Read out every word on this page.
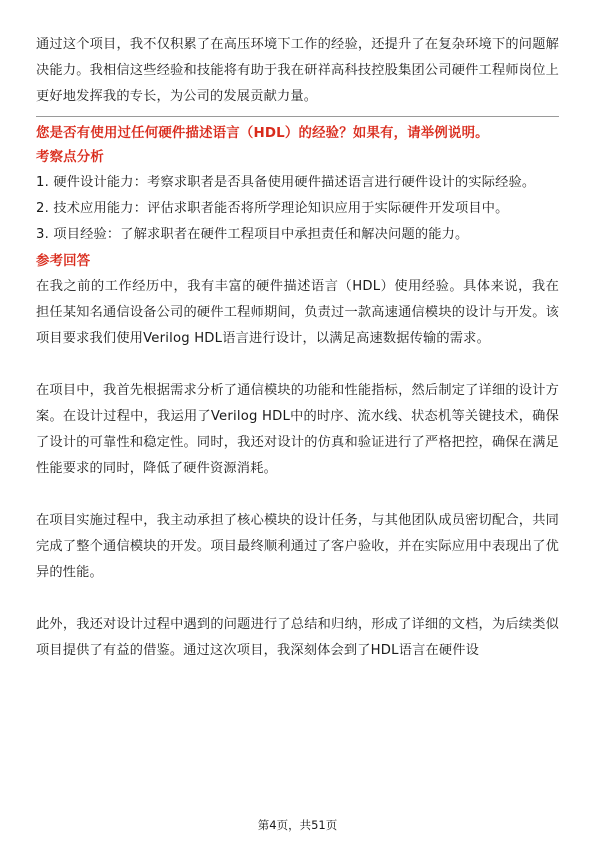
通过这个项目，我不仅积累了在高压环境下工作的经验，还提升了在复杂环境下的问题解决能力。我相信这些经验和技能将有助于我在研祥高科技控股集团公司硬件工程师岗位上更好地发挥我的专长，为公司的发展贡献力量。

您是否有使用过任何硬件描述语言（HDL）的经验？如果有，请举例说明。

考察点分析

1. 硬件设计能力：考察求职者是否具备使用硬件描述语言进行硬件设计的实际经验。

2. 技术应用能力：评估求职者能否将所学理论知识应用于实际硬件开发项目中。

3. 项目经验：了解求职者在硬件工程项目中承担责任和解决问题的能力。

参考回答

在我之前的工作经历中，我有丰富的硬件描述语言（HDL）使用经验。具体来说，我在担任某知名通信设备公司的硬件工程师期间，负责过一款高速通信模块的设计与开发。该项目要求我们使用Verilog HDL语言进行设计，以满足高速数据传输的需求。

在项目中，我首先根据需求分析了通信模块的功能和性能指标，然后制定了详细的设计方案。在设计过程中，我运用了Verilog HDL中的时序、流水线、状态机等关键技术，确保了设计的可靠性和稳定性。同时，我还对设计的仿真和验证进行了严格把控，确保在满足性能要求的同时，降低了硬件资源消耗。

在项目实施过程中，我主动承担了核心模块的设计任务，与其他团队成员密切配合，共同完成了整个通信模块的开发。项目最终顺利通过了客户验收，并在实际应用中表现出了优异的性能。

此外，我还对设计过程中遇到的问题进行了总结和归纳，形成了详细的文档，为后续类似项目提供了有益的借鉴。通过这次项目，我深刻体会到了HDL语言在硬件设

第4页，共51页
